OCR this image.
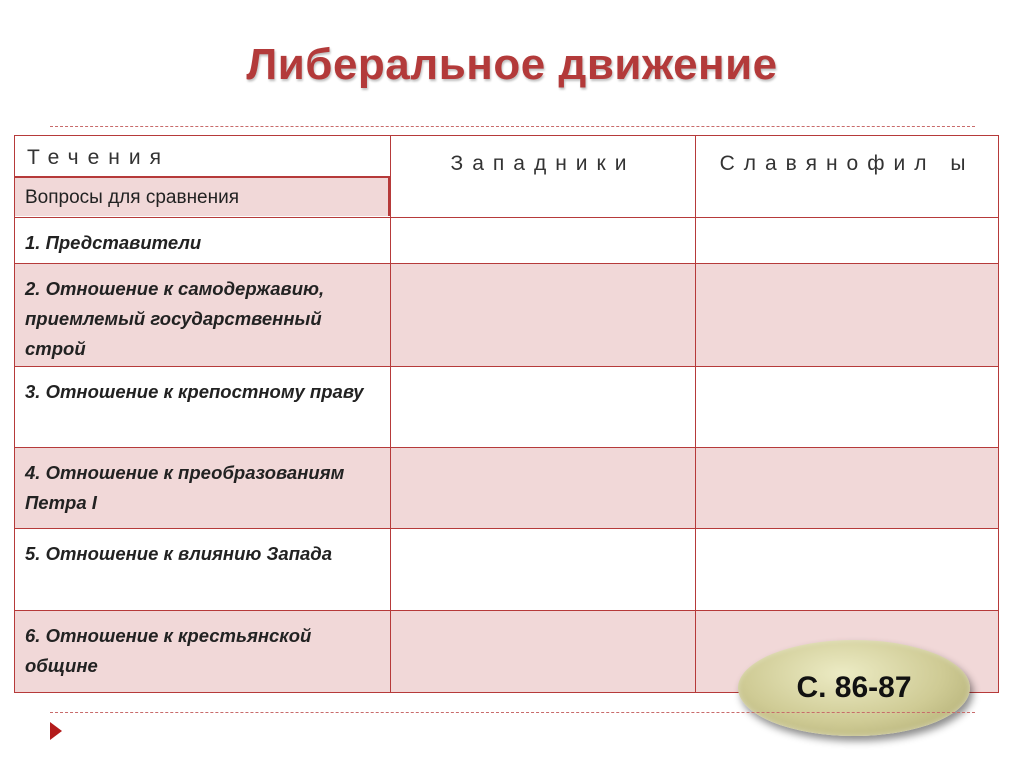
Либеральное движение
Течения
Вопросы для сравнения	Западники	Славянофил ы
1. Представители		
2. Отношение к самодержавию, приемлемый государственный строй		
3. Отношение к крепостному праву		
4. Отношение к преобразованиям Петра I		
5. Отношение к влиянию Запада		
6. Отношение к крестьянской общине		
С. 86-87
